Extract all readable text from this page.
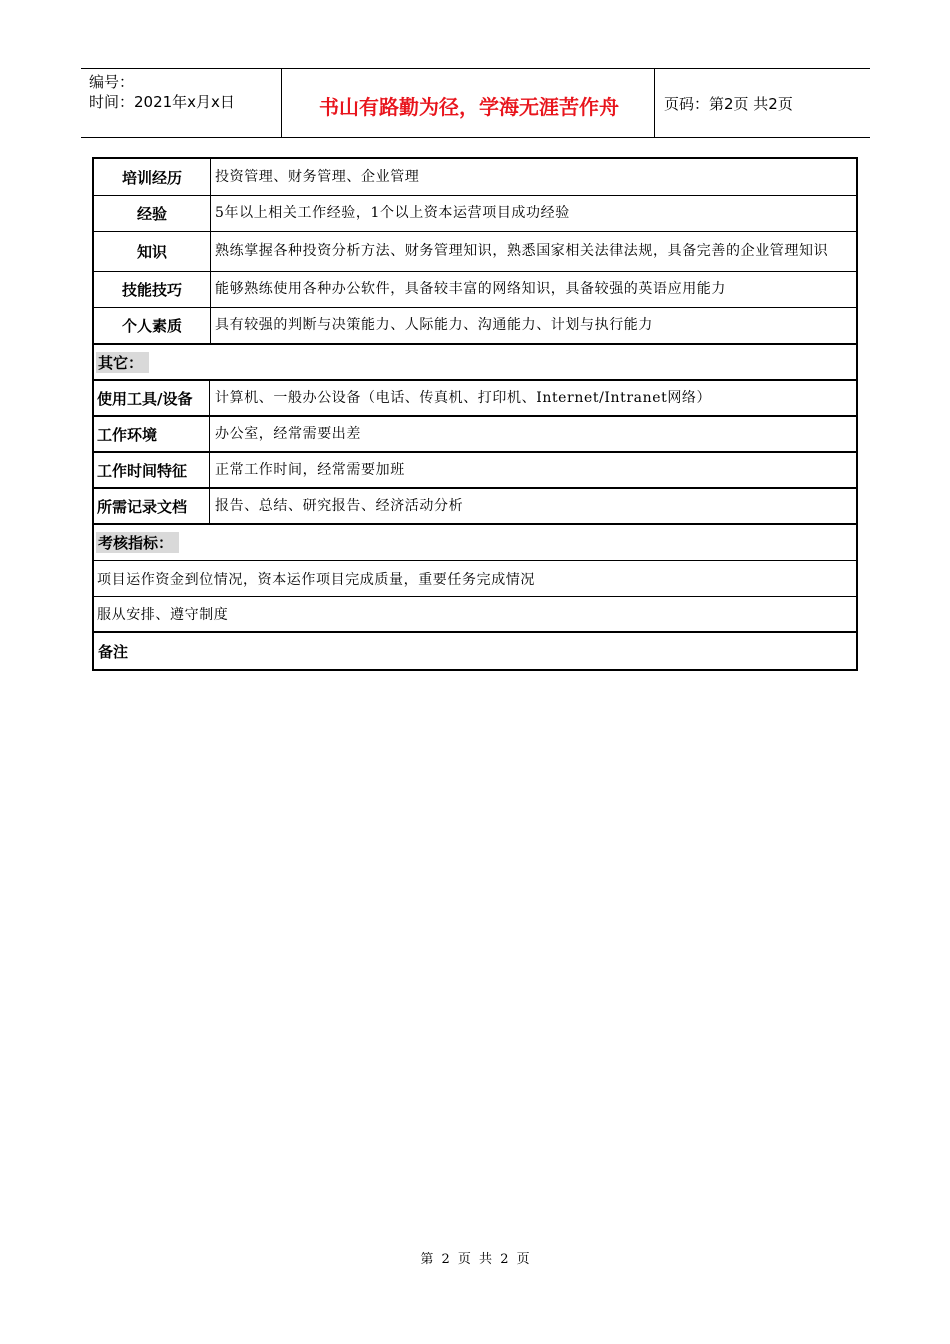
编号：
时间：2021年x月x日	书山有路勤为径，学海无涯苦作舟	页码：第2页 共2页
培训经历	投资管理、财务管理、企业管理
经验	5年以上相关工作经验，1个以上资本运营项目成功经验
知识	熟练掌握各种投资分析方法、财务管理知识，熟悉国家相关法律法规，具备完善的企业管理知识
技能技巧	能够熟练使用各种办公软件，具备较丰富的网络知识，具备较强的英语应用能力
个人素质	具有较强的判断与决策能力、人际能力、沟通能力、计划与执行能力
其它：
使用工具/设备	计算机、一般办公设备（电话、传真机、打印机、Internet/Intranet网络）
工作环境	办公室，经常需要出差
工作时间特征	正常工作时间，经常需要加班
所需记录文档	报告、总结、研究报告、经济活动分析
考核指标：
项目运作资金到位情况，资本运作项目完成质量，重要任务完成情况
服从安排、遵守制度
备注
第 2 页 共 2 页
